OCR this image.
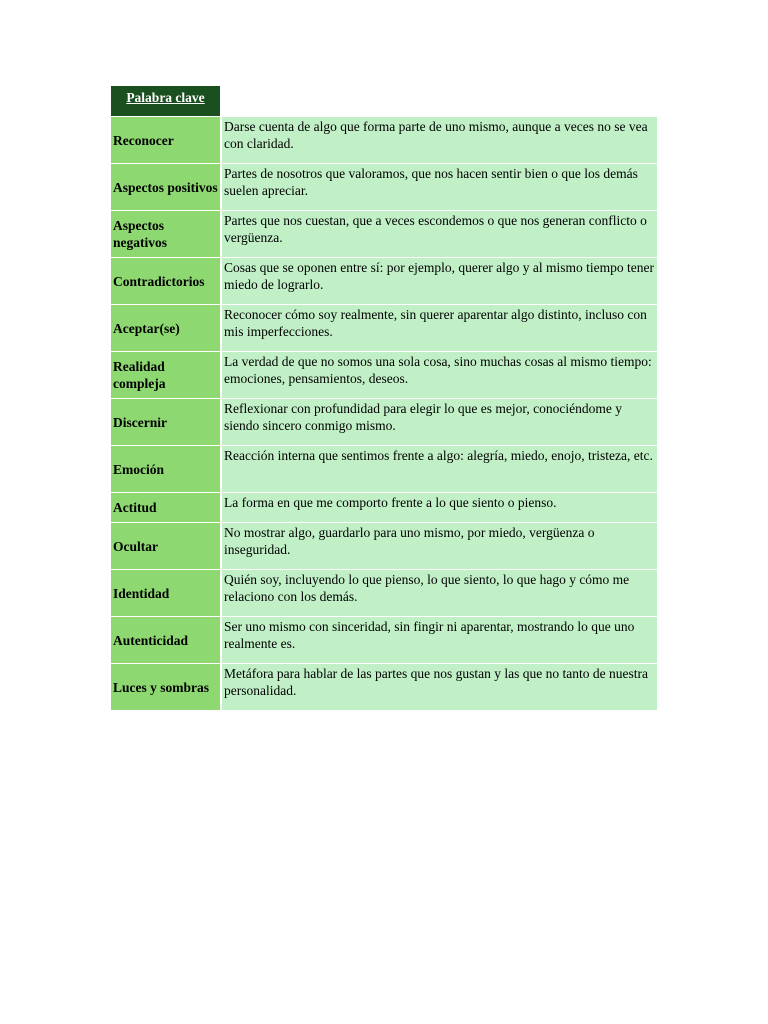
Palabra clave
Reconocer
Darse cuenta de algo que forma parte de uno mismo, aunque a veces no se vea con claridad.
Aspectos positivos
Partes de nosotros que valoramos, que nos hacen sentir bien o que los demás suelen apreciar.
Aspectos negativos
Partes que nos cuestan, que a veces escondemos o que nos generan conflicto o vergüenza.
Contradictorios
Cosas que se oponen entre sí: por ejemplo, querer algo y al mismo tiempo tener miedo de lograrlo.
Aceptar(se)
Reconocer cómo soy realmente, sin querer aparentar algo distinto, incluso con mis imperfecciones.
Realidad compleja
La verdad de que no somos una sola cosa, sino muchas cosas al mismo tiempo: emociones, pensamientos, deseos.
Discernir
Reflexionar con profundidad para elegir lo que es mejor, conociéndome y siendo sincero conmigo mismo.
Emoción
Reacción interna que sentimos frente a algo: alegría, miedo, enojo, tristeza, etc.
Actitud	La forma en que me comporto frente a lo que siento o pienso.
Ocultar
No mostrar algo, guardarlo para uno mismo, por miedo, vergüenza o inseguridad.
Identidad
Quién soy, incluyendo lo que pienso, lo que siento, lo que hago y cómo me relaciono con los demás.
Autenticidad
Ser uno mismo con sinceridad, sin fingir ni aparentar, mostrando lo que uno realmente es.
Luces y sombras
Metáfora para hablar de las partes que nos gustan y las que no tanto de nuestra personalidad.
